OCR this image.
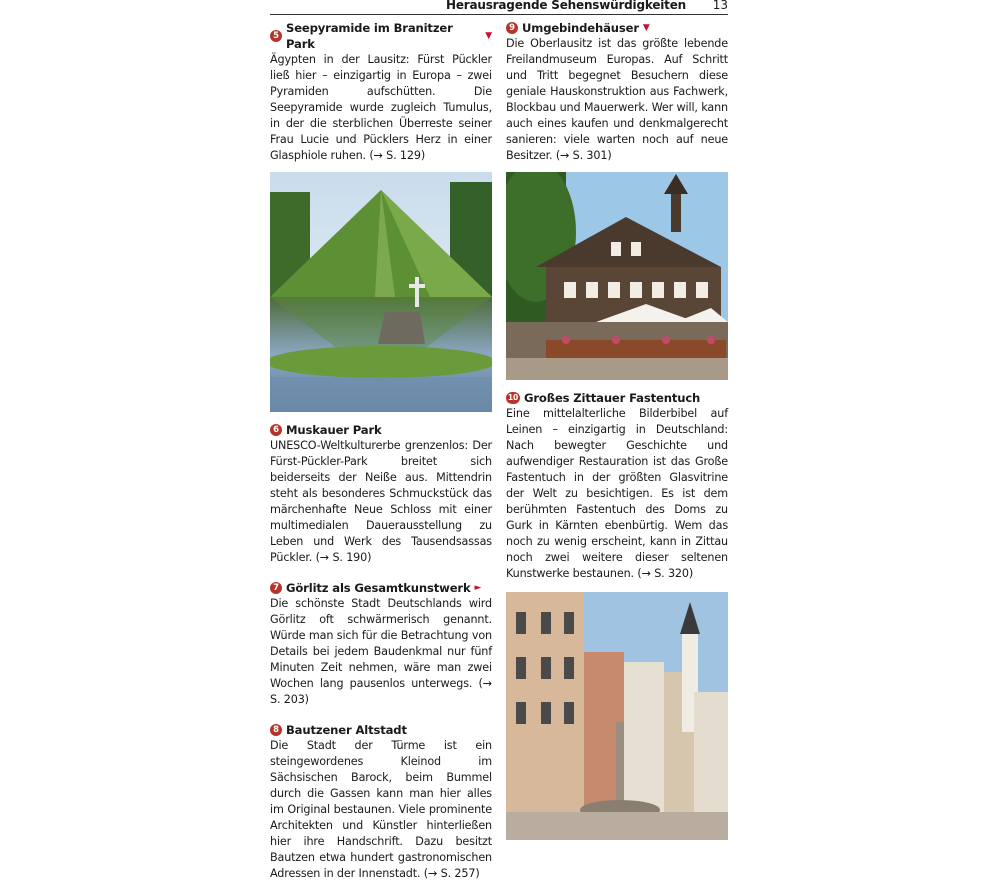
Herausragende Sehenswürdigkeiten 13
5
Seepyramide im Branitzer Park
▼

Ägypten in der Lausitz: Fürst Pückler ließ hier – einzigartig in Europa – zwei Pyramiden aufschütten. Die Seepyramide wurde zugleich Tumulus, in der die sterblichen Überreste seiner Frau Lucie und Pücklers Herz in einer Glasphiole ruhen. (→ S. 129)

6 Muskauer Park

UNESCO-Weltkulturerbe grenzenlos: Der Fürst-Pückler-Park breitet sich beiderseits der Neiße aus. Mittendrin steht als besonderes Schmuckstück das märchenhafte Neue Schloss mit einer multimedialen Dauerausstellung zu Leben und Werk des Tausendsassas Pückler. (→ S. 190)

7 Görlitz als Gesamtkunstwerk ►

Die schönste Stadt Deutschlands wird Görlitz oft schwärmerisch genannt. Würde man sich für die Betrachtung von Details bei jedem Baudenkmal nur fünf Minuten Zeit nehmen, wäre man zwei Wochen lang pausenlos unterwegs. (→ S. 203)

8 Bautzener Altstadt

Die Stadt der Türme ist ein steingewordenes Kleinod im Sächsischen Barock, beim Bummel durch die Gassen kann man hier alles im Original bestaunen. Viele prominente Architekten und Künstler hinterließen hier ihre Handschrift. Dazu besitzt Bautzen etwa hundert gastronomischen Adressen in der Innenstadt. (→ S. 257)

9 Umgebindehäuser ▼

Die Oberlausitz ist das größte lebende Freilandmuseum Europas. Auf Schritt und Tritt begegnet Besuchern diese geniale Hauskonstruktion aus Fachwerk, Blockbau und Mauerwerk. Wer will, kann auch eines kaufen und denkmalgerecht sanieren: viele warten noch auf neue Besitzer. (→ S. 301)

10 Großes Zittauer Fastentuch

Eine mittelalterliche Bilderbibel auf Leinen – einzigartig in Deutschland: Nach bewegter Geschichte und aufwendiger Restauration ist das Große Fastentuch in der größten Glasvitrine der Welt zu besichtigen. Es ist dem berühmten Fastentuch des Doms zu Gurk in Kärnten ebenbürtig. Wem das noch zu wenig erscheint, kann in Zittau noch zwei weitere dieser seltenen Kunstwerke bestaunen. (→ S. 320)
